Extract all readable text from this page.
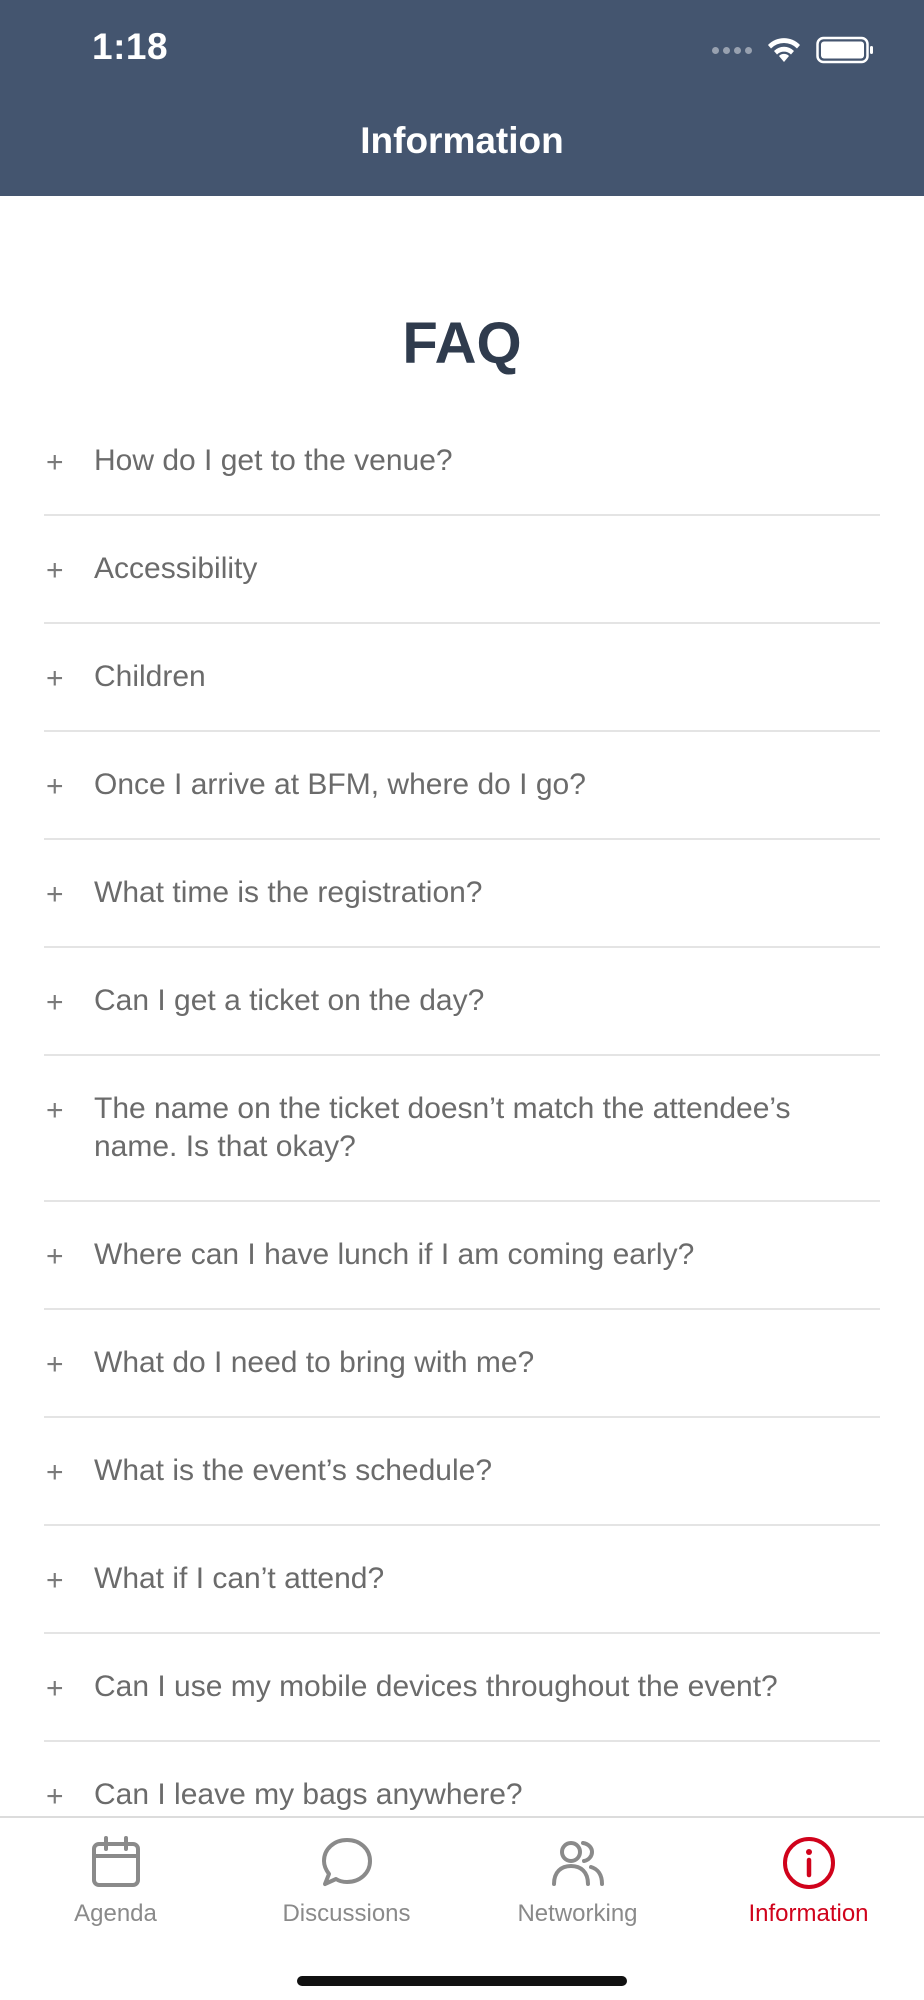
1:18
Information
FAQ
+ How do I get to the venue?
+ Accessibility
+ Children
+ Once I arrive at BFM, where do I go?
+ What time is the registration?
+ Can I get a ticket on the day?
+ The name on the ticket doesn’t match the attendee’s name. Is that okay?
+ Where can I have lunch if I am coming early?
+ What do I need to bring with me?
+ What is the event’s schedule?
+ What if I can’t attend?
+ Can I use my mobile devices throughout the event?
+ Can I leave my bags anywhere?
Agenda	Discussions	Networking	Information
